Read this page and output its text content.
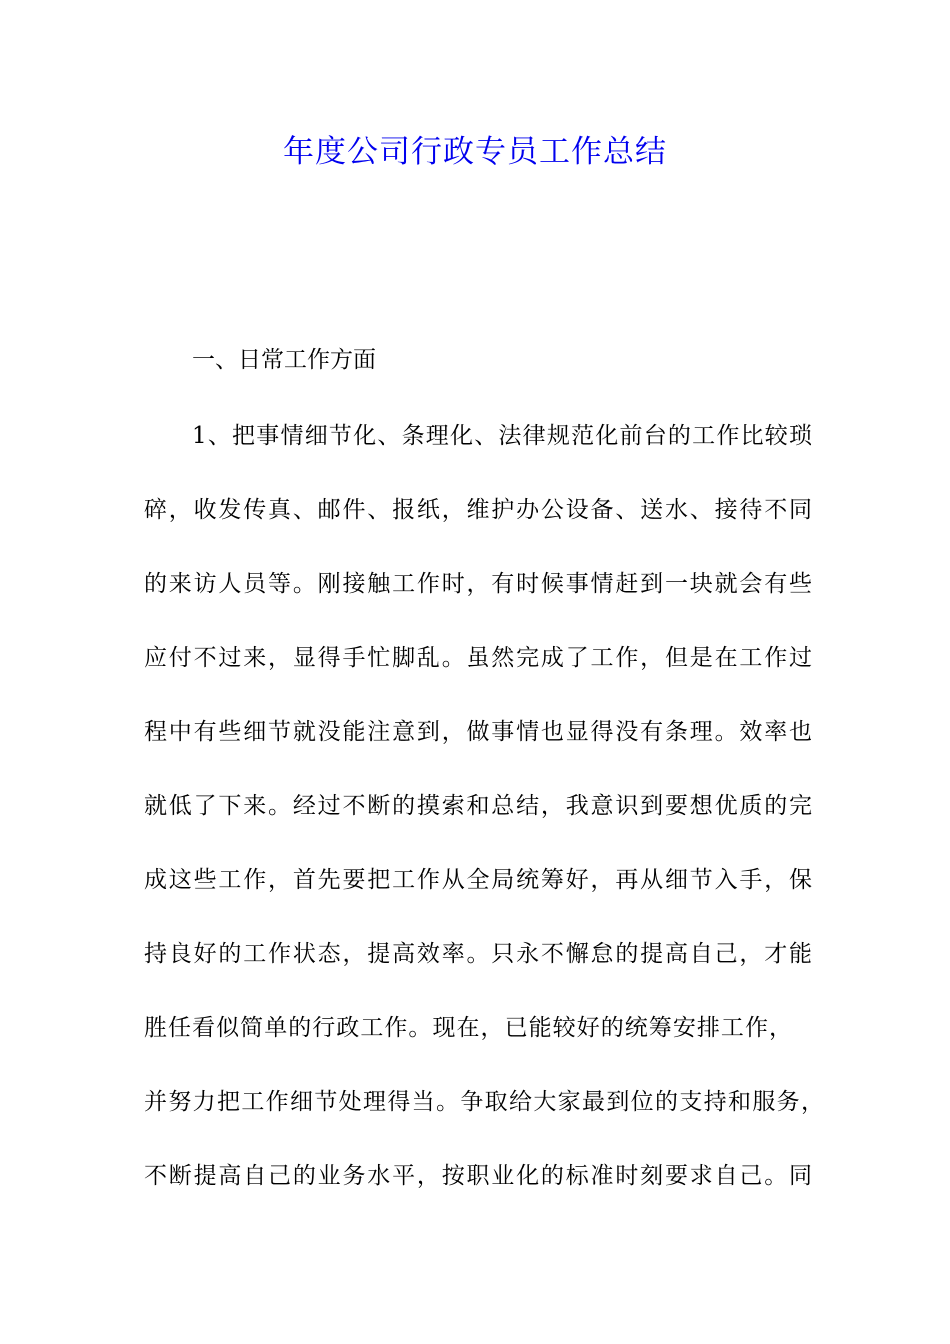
年度公司行政专员工作总结

一、日常工作方面

1、把事情细节化、条理化、法律规范化前台的工作比较琐

碎，收发传真、邮件、报纸，维护办公设备、送水、接待不同

的来访人员等。刚接触工作时，有时候事情赶到一块就会有些

应付不过来，显得手忙脚乱。虽然完成了工作，但是在工作过

程中有些细节就没能注意到，做事情也显得没有条理。效率也

就低了下来。经过不断的摸索和总结，我意识到要想优质的完

成这些工作，首先要把工作从全局统筹好，再从细节入手，保

持良好的工作状态，提高效率。只永不懈怠的提高自己，才能

胜任看似简单的行政工作。现在，已能较好的统筹安排工作，

并努力把工作细节处理得当。争取给大家最到位的支持和服务，

不断提高自己的业务水平，按职业化的标准时刻要求自己。同
